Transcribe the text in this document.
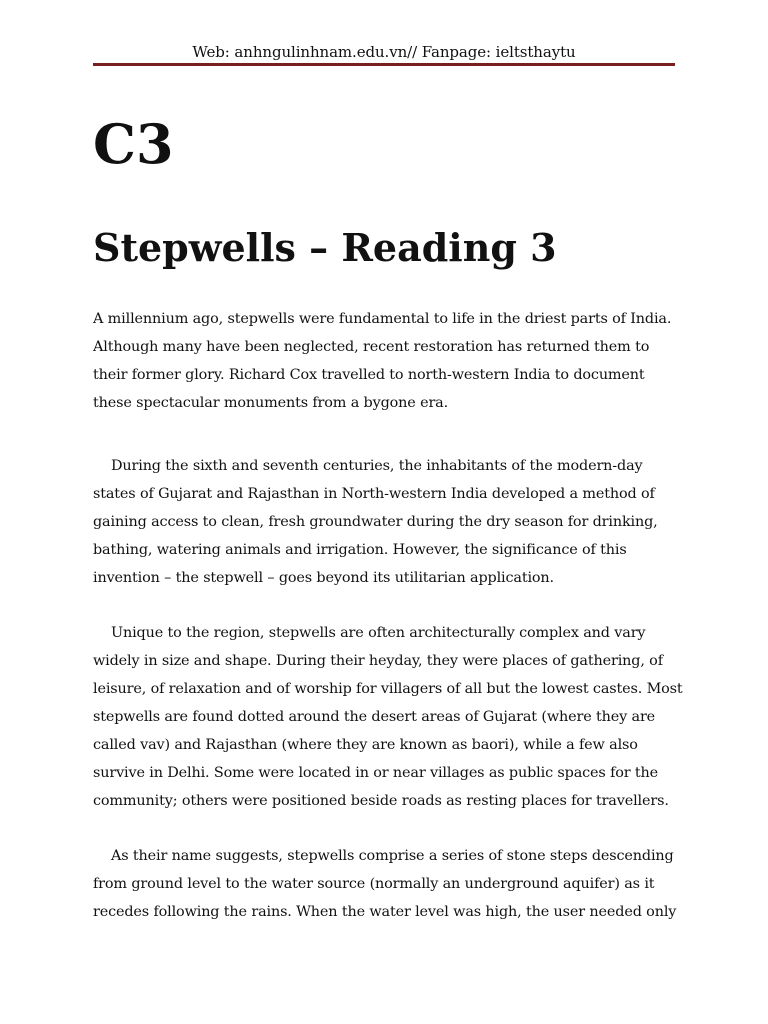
Web: anhngulinhnam.edu.vn// Fanpage: ieltsthaytu
C3
Stepwells – Reading 3

A millennium ago, stepwells were fundamental to life in the driest parts of India.
Although many have been neglected, recent restoration has returned them to
their former glory. Richard Cox travelled to north-western India to document
these spectacular monuments from a bygone era.

During the sixth and seventh centuries, the inhabitants of the modern-day
states of Gujarat and Rajasthan in North-western India developed a method of
gaining access to clean, fresh groundwater during the dry season for drinking,
bathing, watering animals and irrigation. However, the significance of this
invention – the stepwell – goes beyond its utilitarian application.

Unique to the region, stepwells are often architecturally complex and vary
widely in size and shape. During their heyday, they were places of gathering, of
leisure, of relaxation and of worship for villagers of all but the lowest castes. Most
stepwells are found dotted around the desert areas of Gujarat (where they are
called vav) and Rajasthan (where they are known as baori), while a few also
survive in Delhi. Some were located in or near villages as public spaces for the
community; others were positioned beside roads as resting places for travellers.

As their name suggests, stepwells comprise a series of stone steps descending
from ground level to the water source (normally an underground aquifer) as it
recedes following the rains. When the water level was high, the user needed only
